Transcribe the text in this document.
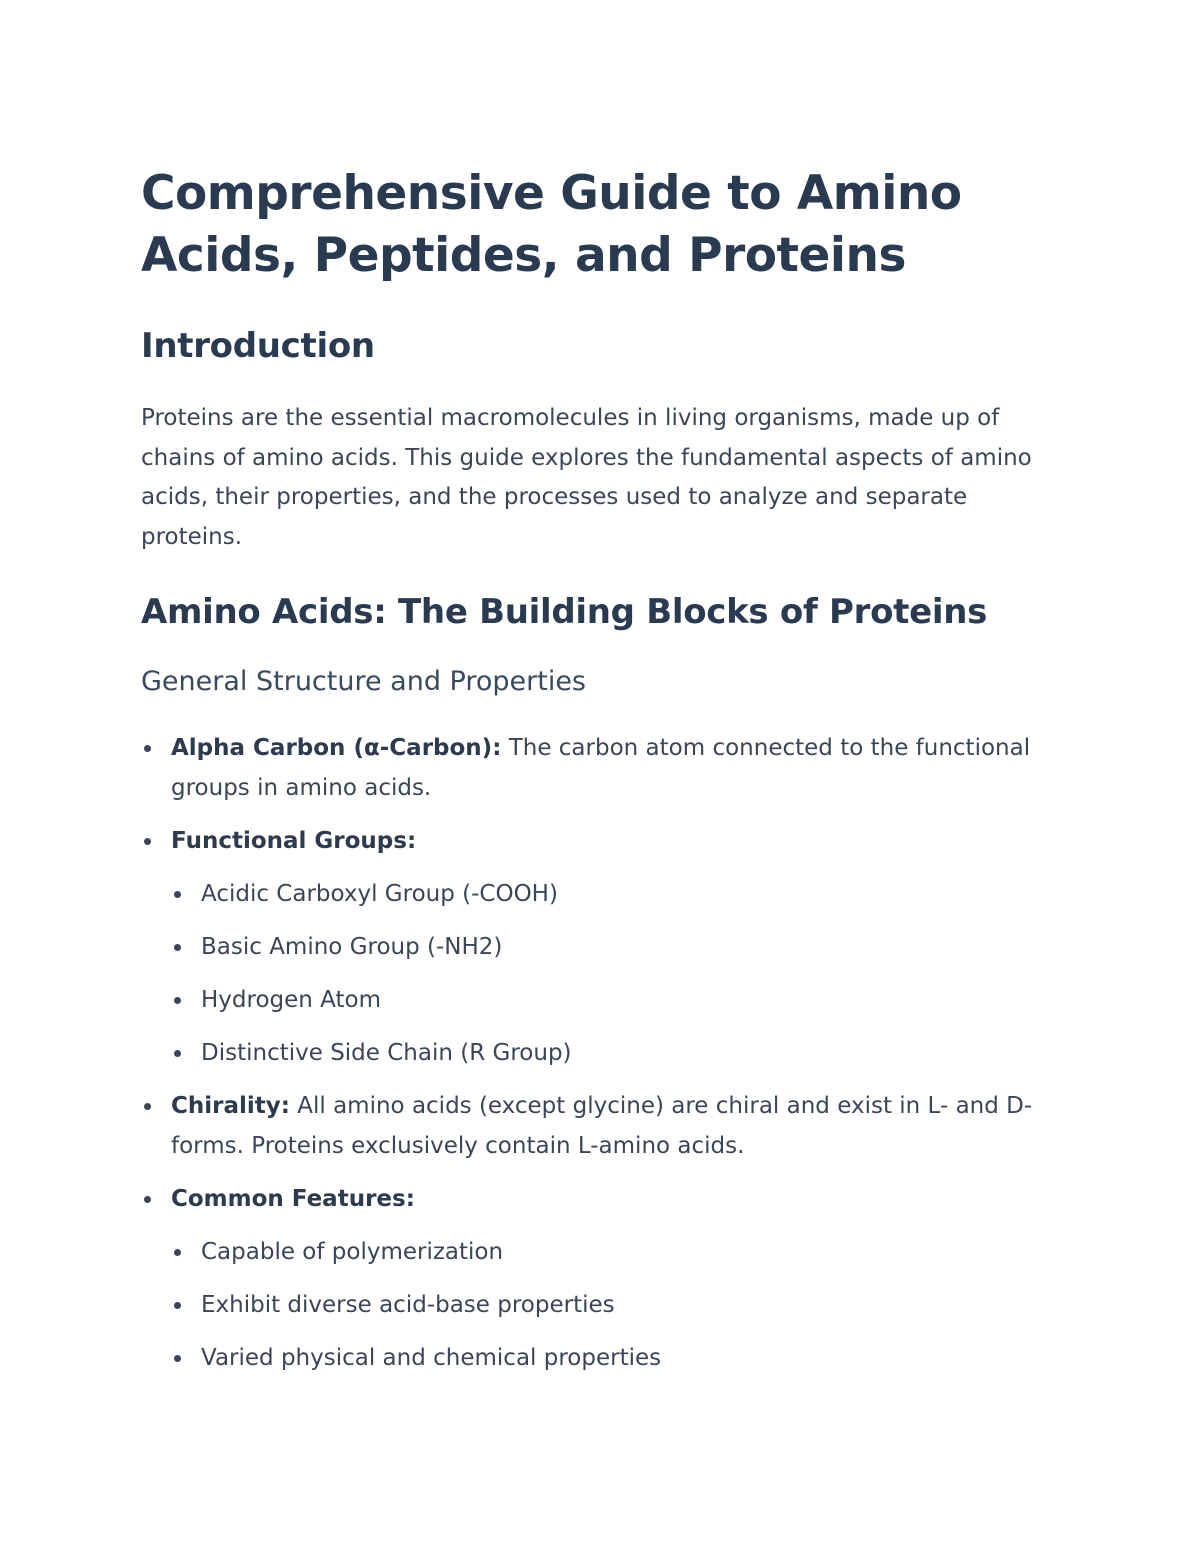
Comprehensive Guide to Amino Acids, Peptides, and Proteins
Introduction

Proteins are the essential macromolecules in living organisms, made up of chains of amino acids. This guide explores the fundamental aspects of amino acids, their properties, and the processes used to analyze and separate proteins.

Amino Acids: The Building Blocks of Proteins
General Structure and Properties
Alpha Carbon (α-Carbon): The carbon atom connected to the functional groups in amino acids.
Functional Groups:
Acidic Carboxyl Group (-COOH)
Basic Amino Group (-NH2)
Hydrogen Atom
Distinctive Side Chain (R Group)
Chirality: All amino acids (except glycine) are chiral and exist in L- and D-forms. Proteins exclusively contain L-amino acids.
Common Features:
Capable of polymerization
Exhibit diverse acid-base properties
Varied physical and chemical properties
